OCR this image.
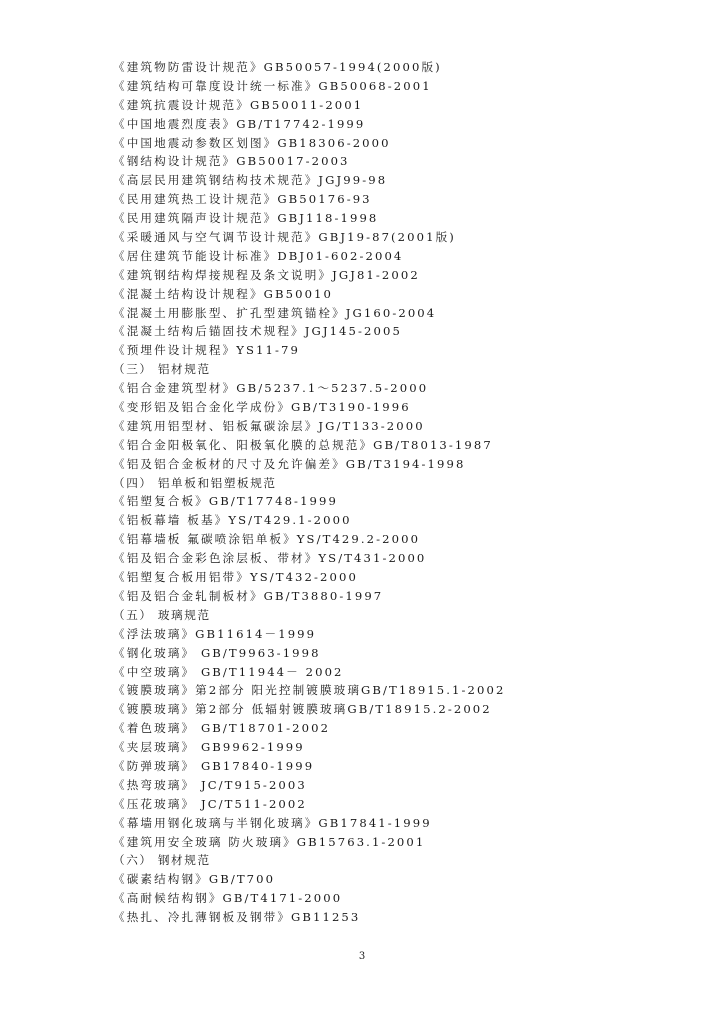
《建筑物防雷设计规范》GB50057-1994(2000版)
《建筑结构可靠度设计统一标准》GB50068-2001
《建筑抗震设计规范》GB50011-2001
《中国地震烈度表》GB/T17742-1999
《中国地震动参数区划图》GB18306-2000
《钢结构设计规范》GB50017-2003
《高层民用建筑钢结构技术规范》JGJ99-98
《民用建筑热工设计规范》GB50176-93
《民用建筑隔声设计规范》GBJ118-1998
《采暖通风与空气调节设计规范》GBJ19-87(2001版)
《居住建筑节能设计标准》DBJ01-602-2004
《建筑钢结构焊接规程及条文说明》JGJ81-2002
《混凝土结构设计规程》GB50010
《混凝土用膨胀型、扩孔型建筑锚栓》JG160-2004
《混凝土结构后锚固技术规程》JGJ145-2005
《预埋件设计规程》YS11-79
（三） 铝材规范
《铝合金建筑型材》GB/5237.1～5237.5-2000
《变形铝及铝合金化学成份》GB/T3190-1996
《建筑用铝型材、铝板氟碳涂层》JG/T133-2000
《铝合金阳极氧化、阳极氧化膜的总规范》GB/T8013-1987
《铝及铝合金板材的尺寸及允许偏差》GB/T3194-1998
（四） 铝单板和铝塑板规范
《铝塑复合板》GB/T17748-1999
《铝板幕墙 板基》YS/T429.1-2000
《铝幕墙板 氟碳喷涂铝单板》YS/T429.2-2000
《铝及铝合金彩色涂层板、带材》YS/T431-2000
《铝塑复合板用铝带》YS/T432-2000
《铝及铝合金轧制板材》GB/T3880-1997
（五） 玻璃规范
《浮法玻璃》GB11614－1999
《钢化玻璃》 GB/T9963-1998
《中空玻璃》 GB/T11944－ 2002
《镀膜玻璃》第2部分 阳光控制镀膜玻璃GB/T18915.1-2002
《镀膜玻璃》第2部分 低辐射镀膜玻璃GB/T18915.2-2002
《着色玻璃》 GB/T18701-2002
《夹层玻璃》 GB9962-1999
《防弹玻璃》 GB17840-1999
《热弯玻璃》 JC/T915-2003
《压花玻璃》 JC/T511-2002
《幕墙用钢化玻璃与半钢化玻璃》GB17841-1999
《建筑用安全玻璃 防火玻璃》GB15763.1-2001
（六） 钢材规范
《碳素结构钢》GB/T700
《高耐候结构钢》GB/T4171-2000
《热扎、冷扎薄钢板及钢带》GB11253
3
